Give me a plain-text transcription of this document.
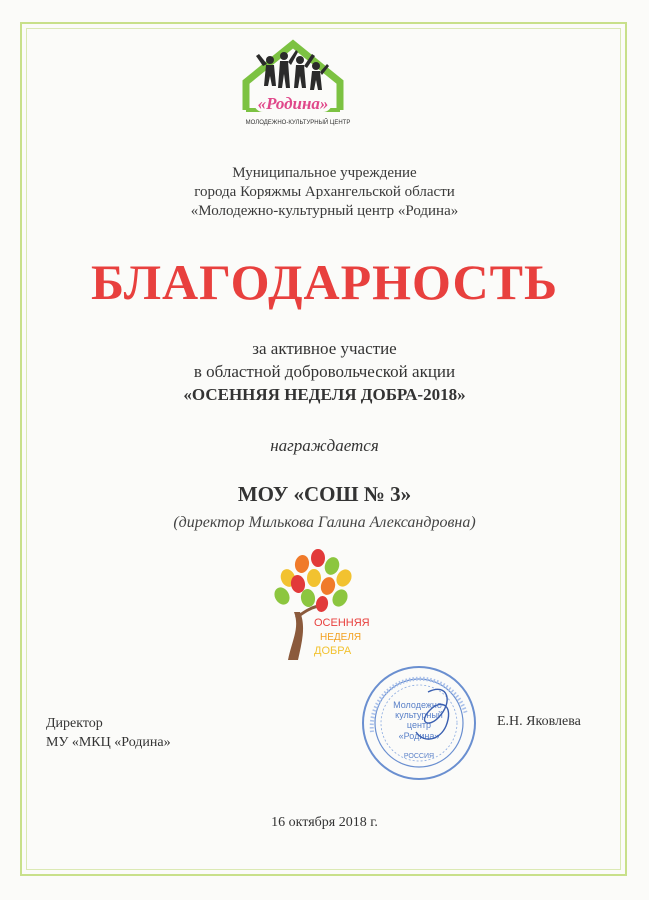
«Родина»
МОЛОДЕЖНО-КУЛЬТУРНЫЙ ЦЕНТР
Муниципальное учреждение
города Коряжмы Архангельской области
«Молодежно-культурный центр «Родина»
БЛАГОДАРНОСТЬ
за активное участие
в областной добровольческой акции
«ОСЕННЯЯ НЕДЕЛЯ ДОБРА-2018»
награждается
МОУ «СОШ № 3»
(директор Милькова Галина Александровна)
ОСЕННЯЯ
НЕДЕЛЯ
ДОБРА
Директор
МУ «МКЦ «Родина»
Молодежно-
культурный
центр
«Родина»
РОССИЯ
Е.Н. Яковлева
16 октября 2018 г.
